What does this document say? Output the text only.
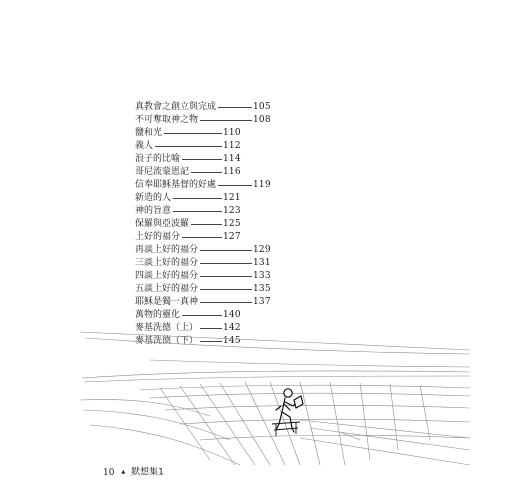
真教會之創立與完成	105
不可奪取神之物	108
鹽和光	110
義人	112
浪子的比喻	114
哥尼流蒙恩記	116
信奉耶穌基督的好處	119
新造的人	121
神的旨意	123
保羅與亞波羅	125
上好的福分	127
再談上好的福分	129
三談上好的福分	131
四談上好的福分	133
五談上好的福分	135
耶穌是獨一真神	137
萬物的靈化	140
麥基洗德（上）	142
麥基洗德（下）	145
10 ▲ 默想集1
